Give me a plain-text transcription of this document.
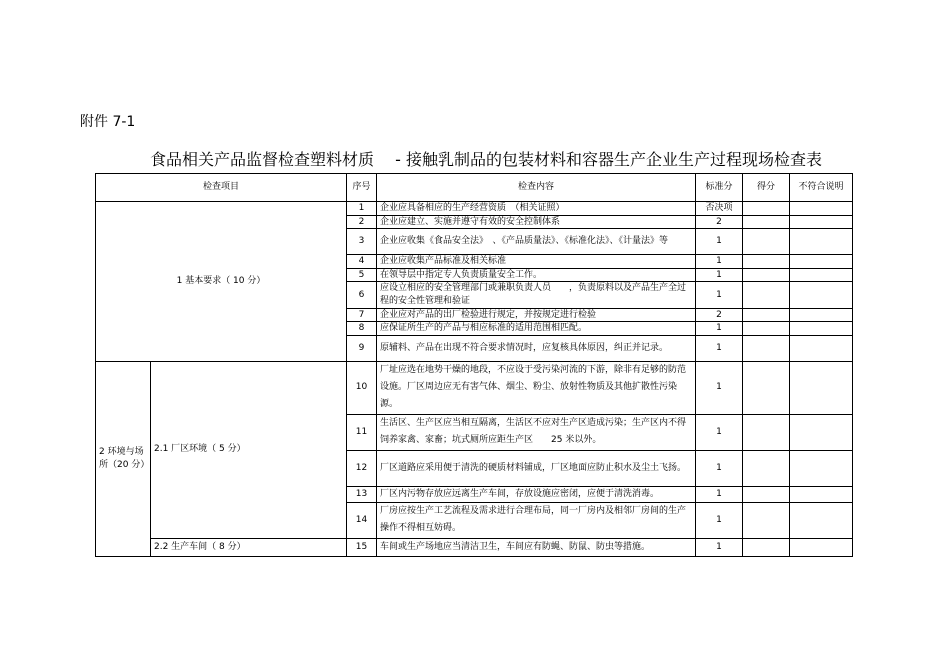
附件 7-1
食品相关产品监督检查塑料材质　 - 接触乳制品的包装材料和容器生产企业生产过程现场检查表
检查项目		序号	检查内容	标准分	得分	不符合说明
1 基本要求（ 10 分）		1	企业应具备相应的生产经营资质　（相关证照）	否决项		
		2	企业应建立、实施并遵守有效的安全控制体系	2		
		3	企业应收集《食品安全法》　、《产品质量法》、《标准化法》、《计量法》等	1		
		4	企业应收集产品标准及相关标准	1		
		5	在领导层中指定专人负责质量安全工作。	1		
		6	应设立相应的安全管理部门或兼职负责人员　　，负责原料以及产品生产全过程的安全性管理和验证	1		
		7	企业应对产品的出厂检验进行规定，并按规定进行检验	2		
		8	应保证所生产的产品与相应标准的适用范围相匹配。	1		
		9	原辅料、产品在出现不符合要求情况时，应复核具体原因，纠正并记录。	1		
2 环境与场所（20 分）	2.1 厂区环境（ 5 分）	10	厂址应选在地势干燥的地段，不应设于受污染河流的下游，除非有足够的防范设施。厂区周边应无有害气体、烟尘、粉尘、放射性物质及其他扩散性污染源。	1		
		11	生活区、生产区应当相互隔离，生活区不应对生产区造成污染；生产区内不得饲养家禽、家畜；坑式厕所应距生产区　　25 米以外。	1		
		12	厂区道路应采用便于清洗的硬质材料铺成，厂区地面应防止积水及尘土飞扬。	1		
		13	厂区内污物存放应远离生产车间，存放设施应密闭，应便于清洗消毒。	1		
		14	厂房应按生产工艺流程及需求进行合理布局，同一厂房内及相邻厂房间的生产操作不得相互妨碍。	1		
	2.2 生产车间（ 8 分）	15	车间或生产场地应当清洁卫生，车间应有防蝇、防鼠、防虫等措施。	1		
